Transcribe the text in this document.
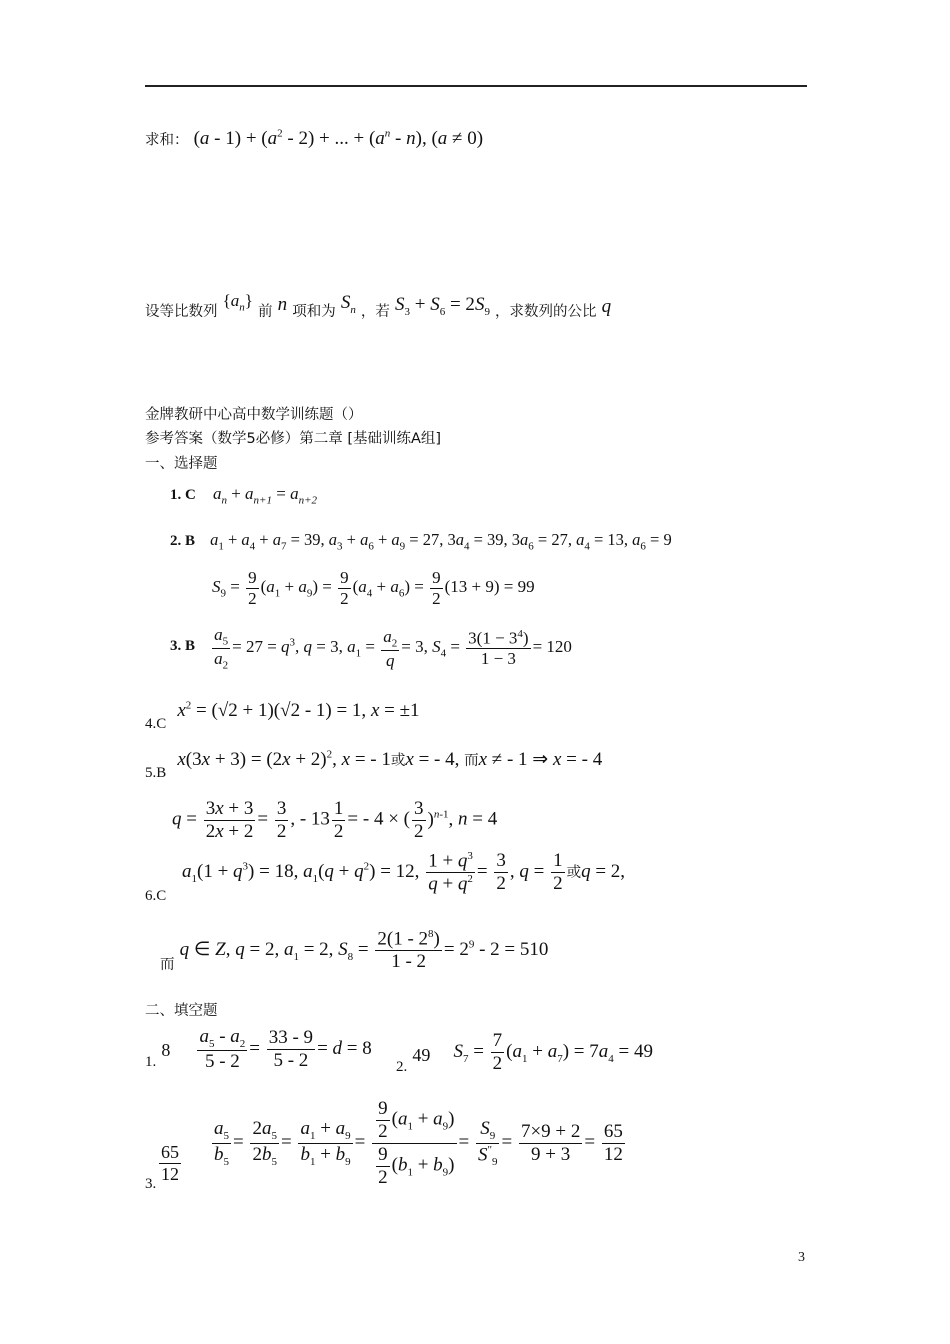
求和： $(a - 1) + (a^2 - 2)$ + ... + $(a^n - n)$, (a ≠ 0)
设等比数列 $\{a_n\}$ 前 n 项和为 $S_n$ ，若 $S_3 + S_6 = 2S_9$ ，求数列的公比 q
金牌教研中心高中数学训练题（）
参考答案（数学5必修）第二章 [基础训练A组]
一、选择题
1. C $a_n + a_{n+1} = a_{n+2}$
2. B $a_1 + a_4 + a_7 = 39$, $a_3 + a_6 + a_9 = 27$, $3a_4 = 39$, $3a_6 = 27$, $a_4 = 13$, $a_6 = 9$
$S_9 = \frac{9}{2} (a_1 + a_9) = \frac{9}{2} (a_4 + a_6) = \frac{9}{2} (13 + 9) = 99$
3. B $\frac{a_5}{a_2} = 27 = q^3$, q = 3, $a_1 = \frac{a_2}{q} = 3$, $S_4 = \frac{3(1 - 3^4)}{1 - 3} = 120$
4.C $x^2 = (√2 + 1)(√2 - 1) = 1$, x = ±1
5.B $x(3x + 3) = (2x + 2)^2$, x = - 1或x = - 4, 而x ≠ - 1 ⇒ x = - 4
$q = \frac{3x + 3}{2x + 2} = \frac{3}{2}$ , - $13 \frac{1}{2}$ = - 4 × ( $\frac{3}{2} )^{n-1}$, n = 4
$a_1(1 + q^3) = 18$, $a_1(q + q^2) = 12$, $\frac{1 + q^3}{q + q^2} = \frac{3}{2}$ , $q = \frac{1}{2}$ 或q = 2,
6.C
而 q ∈ Z, q = 2, $a_1 = 2$, $S_8 = \frac{2(1 - 2^8)}{1 - 2} = 2^9 - 2 = 510$
二、填空题
1. $8 \frac{a_5 - a_2}{5 - 2} = \frac{33 - 9}{5 - 2} = d = 8$
2. 49 $S_7 = \frac{7}{2} (a_1 + a_7) = 7a_4 = 49$
3. $\frac{65}{12} \frac{a_5}{b_5} = \frac{2a_5}{2b_5} = \frac{a_1 + a_9}{b_1 + b_9} = \frac{\frac{9}{2} (a_1 + a_9)}{\frac{9}{2} (b_1 + b_9)} = \frac{S_9}{S^"_9} = \frac{7\times 9 + 2}{9 + 3} = \frac{65}{12}$
3
